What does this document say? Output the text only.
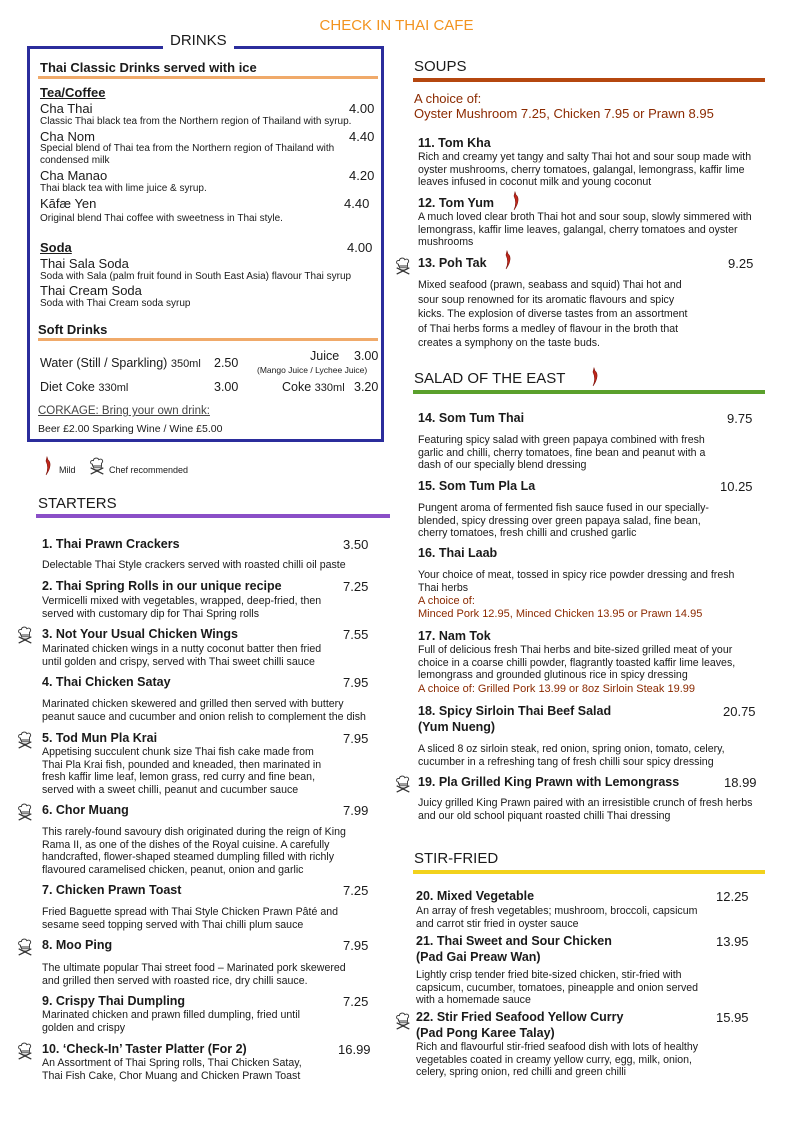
CHECK IN THAI CAFE
DRINKS
Thai Classic Drinks served with ice
Tea/Coffee
Cha Thai	4.00
Classic Thai black tea from the Northern region of Thailand with syrup.
Cha Nom	4.40
Special blend of Thai tea from the Northern region of Thailand with
condensed milk
Cha Manao	4.20
Thai black tea with lime juice & syrup.
Kāfæ Yen	4.40
Original blend Thai coffee with sweetness in Thai style.
Soda	4.00
Thai Sala Soda
Soda with Sala (palm fruit found in South East Asia) flavour Thai syrup
Thai Cream Soda
Soda with Thai Cream soda syrup
Soft Drinks
Water (Still / Sparkling) 350ml 2.50	Juice 3.00
(Mango Juice / Lychee Juice)
Diet Coke 330ml	3.00	Coke 330ml 3.20
CORKAGE: Bring your own drink:
Beer £2.00 Sparking Wine / Wine £5.00
Mild	Chef recommended
STARTERS
SOUPS
A choice of:
Oyster Mushroom 7.25, Chicken 7.95 or Prawn 8.95
SALAD OF THE EAST
STIR-FRIED
1. Thai Prawn Crackers	3.50
Delectable Thai Style crackers served with roasted chilli oil paste
2. Thai Spring Rolls in our unique recipe	7.25
Vermicelli mixed with vegetables, wrapped, deep-fried, then
served with customary dip for Thai Spring rolls
3. Not Your Usual Chicken Wings	7.55
Marinated chicken wings in a nutty coconut batter then fried
until golden and crispy, served with Thai sweet chilli sauce
4. Thai Chicken Satay	7.95
Marinated chicken skewered and grilled then served with buttery
peanut sauce and cucumber and onion relish to complement the dish
5. Tod Mun Pla Krai	7.95
Appetising succulent chunk size Thai fish cake made from
Thai Pla Krai fish, pounded and kneaded, then marinated in
fresh kaffir lime leaf, lemon grass, red curry and fine bean,
served with a sweet chilli, peanut and cucumber sauce
6. Chor Muang	7.99
This rarely-found savoury dish originated during the reign of King
Rama II, as one of the dishes of the Royal cuisine. A carefully
handcrafted, flower-shaped steamed dumpling filled with richly
flavoured caramelised chicken, peanut, onion and garlic
7. Chicken Prawn Toast	7.25
Fried Baguette spread with Thai Style Chicken Prawn Pâté and
sesame seed topping served with Thai chilli plum sauce
8. Moo Ping	7.95
The ultimate popular Thai street food – Marinated pork skewered
and grilled then served with roasted rice, dry chilli sauce.
9. Crispy Thai Dumpling	7.25
Marinated chicken and prawn filled dumpling, fried until
golden and crispy
10. ‘Check-In’ Taster Platter (For 2)	16.99
An Assortment of Thai Spring rolls, Thai Chicken Satay,
Thai Fish Cake, Chor Muang and Chicken Prawn Toast
11. Tom Kha
Rich and creamy yet tangy and salty Thai hot and sour soup made with
oyster mushrooms, cherry tomatoes, galangal, lemongrass, kaffir lime
leaves infused in coconut milk and young coconut
12. Tom Yum
A much loved clear broth Thai hot and sour soup, slowly simmered with
lemongrass, kaffir lime leaves, galangal, cherry tomatoes and oyster
mushrooms
13. Poh Tak	9.25
Mixed seafood (prawn, seabass and squid) Thai hot and
sour soup renowned for its aromatic flavours and spicy
kicks. The explosion of diverse tastes from an assortment
of Thai herbs forms a medley of flavour in the broth that
creates a symphony on the taste buds.
14. Som Tum Thai	9.75
Featuring spicy salad with green papaya combined with fresh
garlic and chilli, cherry tomatoes, fine bean and peanut with a
dash of our specially blend dressing
15. Som Tum Pla La	10.25
Pungent aroma of fermented fish sauce fused in our specially-
blended, spicy dressing over green papaya salad, fine bean,
cherry tomatoes, fresh chilli and crushed garlic
16. Thai Laab
Your choice of meat, tossed in spicy rice powder dressing and fresh
Thai herbs
A choice of:
Minced Pork 12.95, Minced Chicken 13.95 or Prawn 14.95
17. Nam Tok
Full of delicious fresh Thai herbs and bite-sized grilled meat of your
choice in a coarse chilli powder, flagrantly toasted kaffir lime leaves,
lemongrass and grounded glutinous rice in spicy dressing
A choice of: Grilled Pork 13.99 or 8oz Sirloin Steak 19.99
18. Spicy Sirloin Thai Beef Salad
(Yum Nueng)
20.75
A sliced 8 oz sirloin steak, red onion, spring onion, tomato, celery,
cucumber in a refreshing tang of fresh chilli sour spicy dressing
19. Pla Grilled King Prawn with Lemongrass	18.99
Juicy grilled King Prawn paired with an irresistible crunch of fresh herbs
and our old school piquant roasted chilli Thai dressing
20. Mixed Vegetable	12.25
An array of fresh vegetables; mushroom, broccoli, capsicum
and carrot stir fried in oyster sauce
21. Thai Sweet and Sour Chicken
(Pad Gai Preaw Wan)
13.95
Lightly crisp tender fried bite-sized chicken, stir-fried with
capsicum, cucumber, tomatoes, pineapple and onion served
with a homemade sauce
22. Stir Fried Seafood Yellow Curry
(Pad Pong Karee Talay)
15.95
Rich and flavourful stir-fried seafood dish with lots of healthy
vegetables coated in creamy yellow curry, egg, milk, onion,
celery, spring onion, red chilli and green chilli
